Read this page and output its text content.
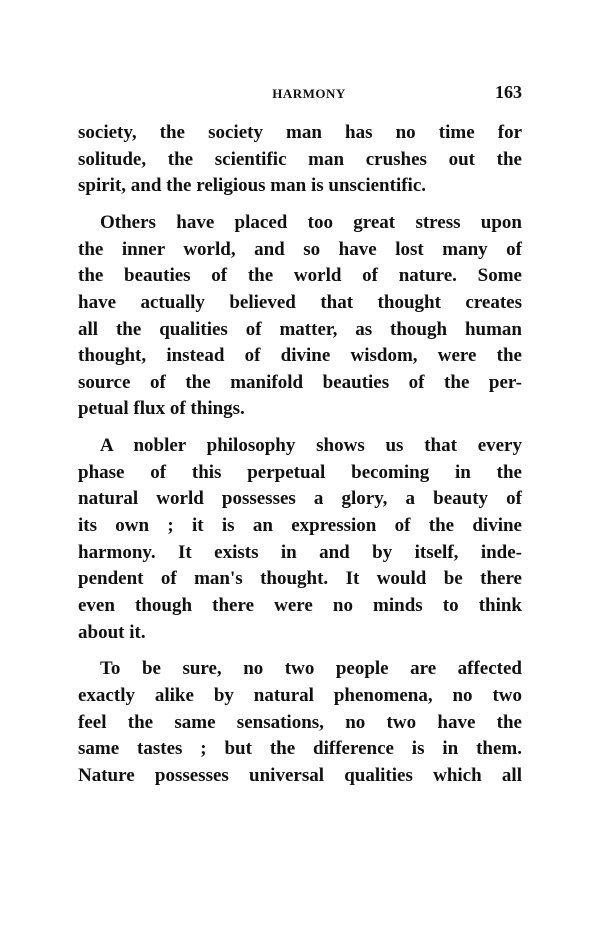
HARMONY	163
society, the society man has no time for
solitude, the scientific man crushes out the
spirit, and the religious man is unscientific.
Others have placed too great stress upon
the inner world, and so have lost many of
the beauties of the world of nature. Some
have actually believed that thought creates
all the qualities of matter, as though human
thought, instead of divine wisdom, were the
source of the manifold beauties of the per-
petual flux of things.
A nobler philosophy shows us that every
phase of this perpetual becoming in the
natural world possesses a glory, a beauty of
its own ; it is an expression of the divine
harmony. It exists in and by itself, inde-
pendent of man's thought. It would be there
even though there were no minds to think
about it.
To be sure, no two people are affected
exactly alike by natural phenomena, no two
feel the same sensations, no two have the
same tastes ; but the difference is in them.
Nature possesses universal qualities which all
